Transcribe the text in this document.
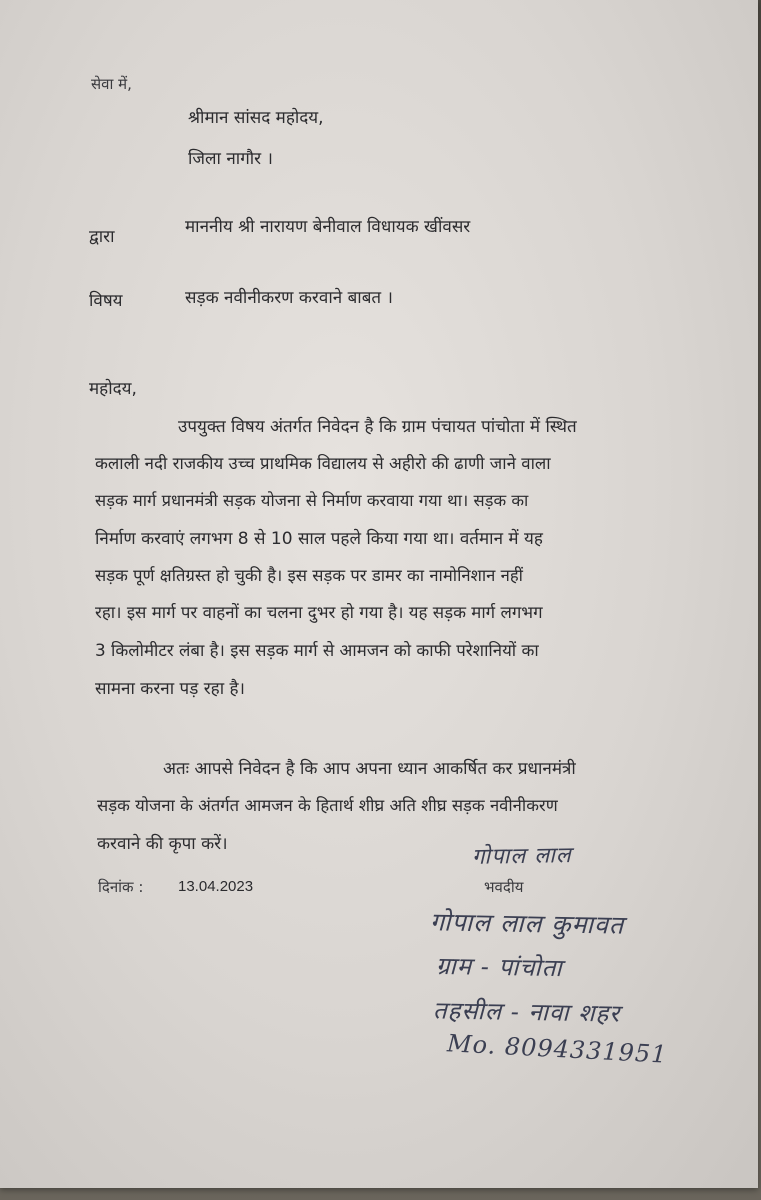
सेवा में,
श्रीमान सांसद महोदय,
जिला नागौर ।
द्वारा	माननीय श्री नारायण बेनीवाल विधायक खींवसर
विषय	सड़क नवीनीकरण करवाने बाबत ।
महोदय,
उपयुक्त विषय अंतर्गत निवेदन है कि ग्राम पंचायत पांचोता में स्थित
कलाली नदी राजकीय उच्च प्राथमिक विद्यालय से अहीरो की ढाणी जाने वाला
सड़क मार्ग प्रधानमंत्री सड़क योजना से निर्माण करवाया गया था। सड़क का
निर्माण करवाएं लगभग 8 से 10 साल पहले किया गया था। वर्तमान में यह
सड़क पूर्ण क्षतिग्रस्त हो चुकी है। इस सड़क पर डामर का नामोनिशान नहीं
रहा। इस मार्ग पर वाहनों का चलना दुभर हो गया है। यह सड़क मार्ग लगभग
3 किलोमीटर लंबा है। इस सड़क मार्ग से आमजन को काफी परेशानियों का
सामना करना पड़ रहा है।
अतः आपसे निवेदन है कि आप अपना ध्यान आकर्षित कर प्रधानमंत्री
सड़क योजना के अंतर्गत आमजन के हितार्थ शीघ्र अति शीघ्र सड़क नवीनीकरण
करवाने की कृपा करें।
दिनांक : 13.04.2023	भवदीय
गोपाल लाल
गोपाल लाल कुमावत
ग्राम - पांचोता
तहसील - नावा शहर
Mo. 8094331951
